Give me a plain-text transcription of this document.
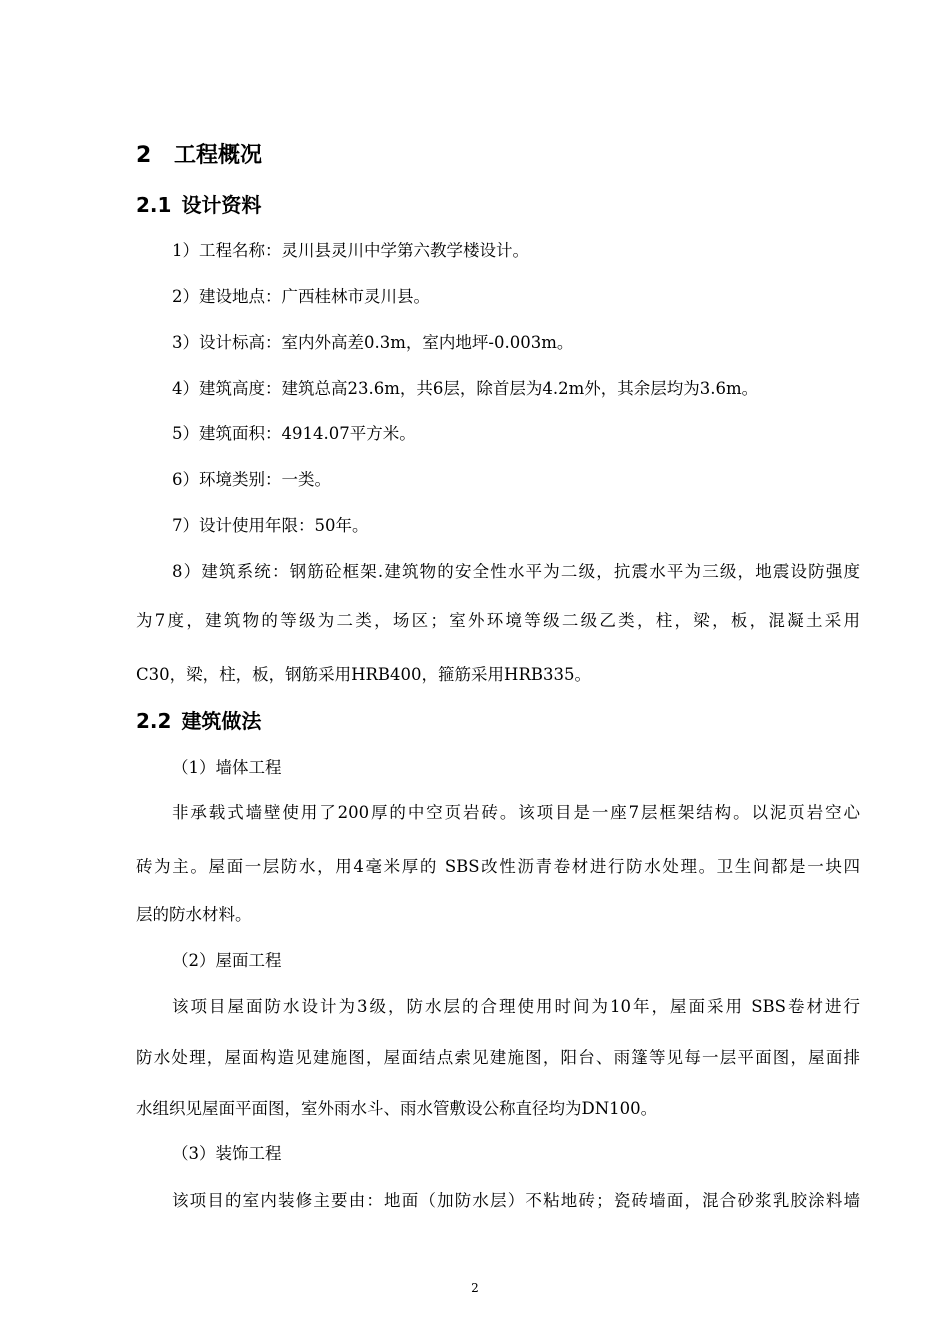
2 工程概况
2.1 设计资料
1）工程名称：灵川县灵川中学第六教学楼设计。
2）建设地点：广西桂林市灵川县。
3）设计标高：室内外高差0.3m，室内地坪-0.003m。
4）建筑高度：建筑总高23.6m，共6层，除首层为4.2m外，其余层均为3.6m。
5）建筑面积：4914.07平方米。
6）环境类别：一类。
7）设计使用年限：50年。
8）建筑系统：钢筋砼框架.建筑物的安全性水平为二级，抗震水平为三级，地震设防强度
为7度，建筑物的等级为二类，场区；室外环境等级二级乙类，柱，梁，板，混凝土采用
C30，梁，柱，板，钢筋采用HRB400，箍筋采用HRB335。
2.2 建筑做法
（1）墙体工程
非承载式墙壁使用了200厚的中空页岩砖。该项目是一座7层框架结构。以泥页岩空心
砖为主。屋面一层防水，用4毫米厚的 SBS改性沥青卷材进行防水处理。卫生间都是一块四
层的防水材料。
（2）屋面工程
该项目屋面防水设计为3级，防水层的合理使用时间为10年，屋面采用 SBS卷材进行
防水处理，屋面构造见建施图，屋面结点索见建施图，阳台、雨篷等见每一层平面图，屋面排
水组织见屋面平面图，室外雨水斗、雨水管敷设公称直径均为DN100。
（3）装饰工程
该项目的室内装修主要由：地面（加防水层）不粘地砖；瓷砖墙面，混合砂浆乳胶涂料墙
2
